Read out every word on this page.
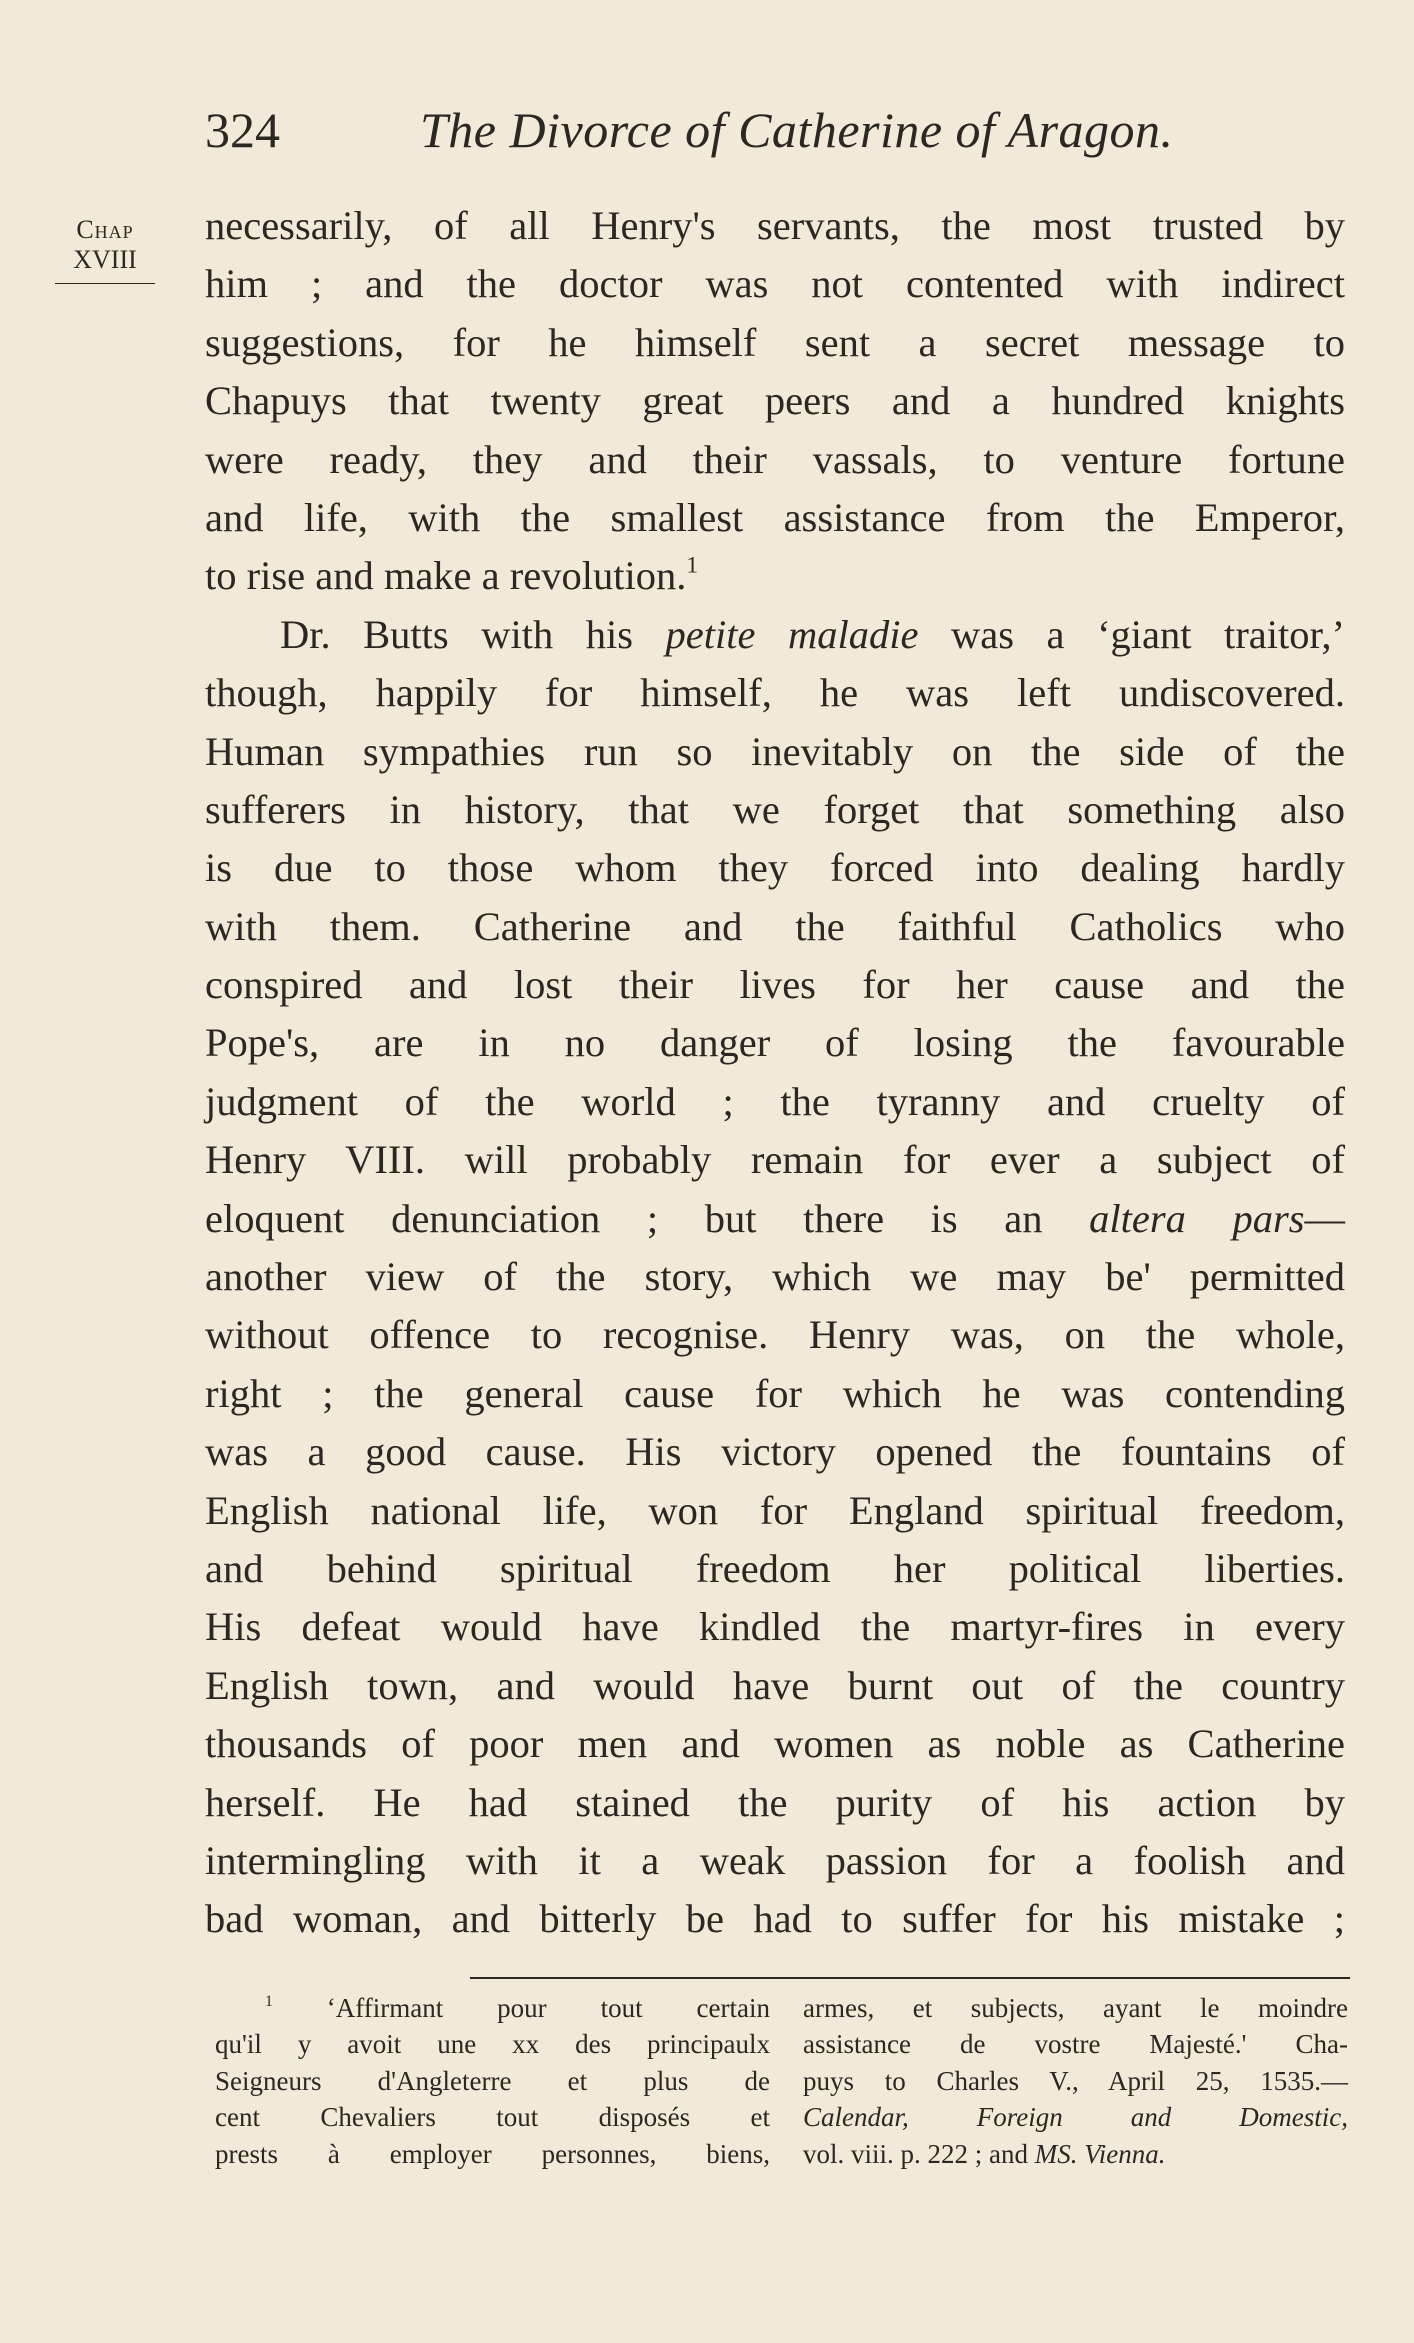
324	The Divorce of Catherine of Aragon.
Chap
XVIII
necessarily, of all Henry's servants, the most trusted by
him ; and the doctor was not contented with indirect
suggestions, for he himself sent a secret message to
Chapuys that twenty great peers and a hundred knights
were ready, they and their vassals, to venture fortune
and life, with the smallest assistance from the Emperor,
to rise and make a revolution.$^1$
Dr. Butts with his petite maladie was a ‘giant traitor,’
though, happily for himself, he was left undiscovered.
Human sympathies run so inevitably on the side of the
sufferers in history, that we forget that something also
is due to those whom they forced into dealing hardly
with them. Catherine and the faithful Catholics who
conspired and lost their lives for her cause and the
Pope's, are in no danger of losing the favourable
judgment of the world ; the tyranny and cruelty of
Henry VIII. will probably remain for ever a subject of
eloquent denunciation ; but there is an altera pars—
another view of the story, which we may be' permitted
without offence to recognise. Henry was, on the whole,
right ; the general cause for which he was contending
was a good cause. His victory opened the fountains of
English national life, won for England spiritual freedom,
and behind spiritual freedom her political liberties.
His defeat would have kindled the martyr-fires in every
English town, and would have burnt out of the country
thousands of poor men and women as noble as Catherine
herself. He had stained the purity of his action by
intermingling with it a weak passion for a foolish and
bad woman, and bitterly be had to suffer for his mistake ;
$^1$ ‘Affirmant pour tout certain
qu'il y avoit une xx des principaulx
Seigneurs d'Angleterre et plus de
cent Chevaliers tout disposés et
prests à employer personnes, biens,
armes, et subjects, ayant le moindre
assistance de vostre Majesté.' Cha-
puys to Charles V., April 25, 1535.—
Calendar, Foreign and Domestic,
vol. viii. p. 222 ; and MS. Vienna.
